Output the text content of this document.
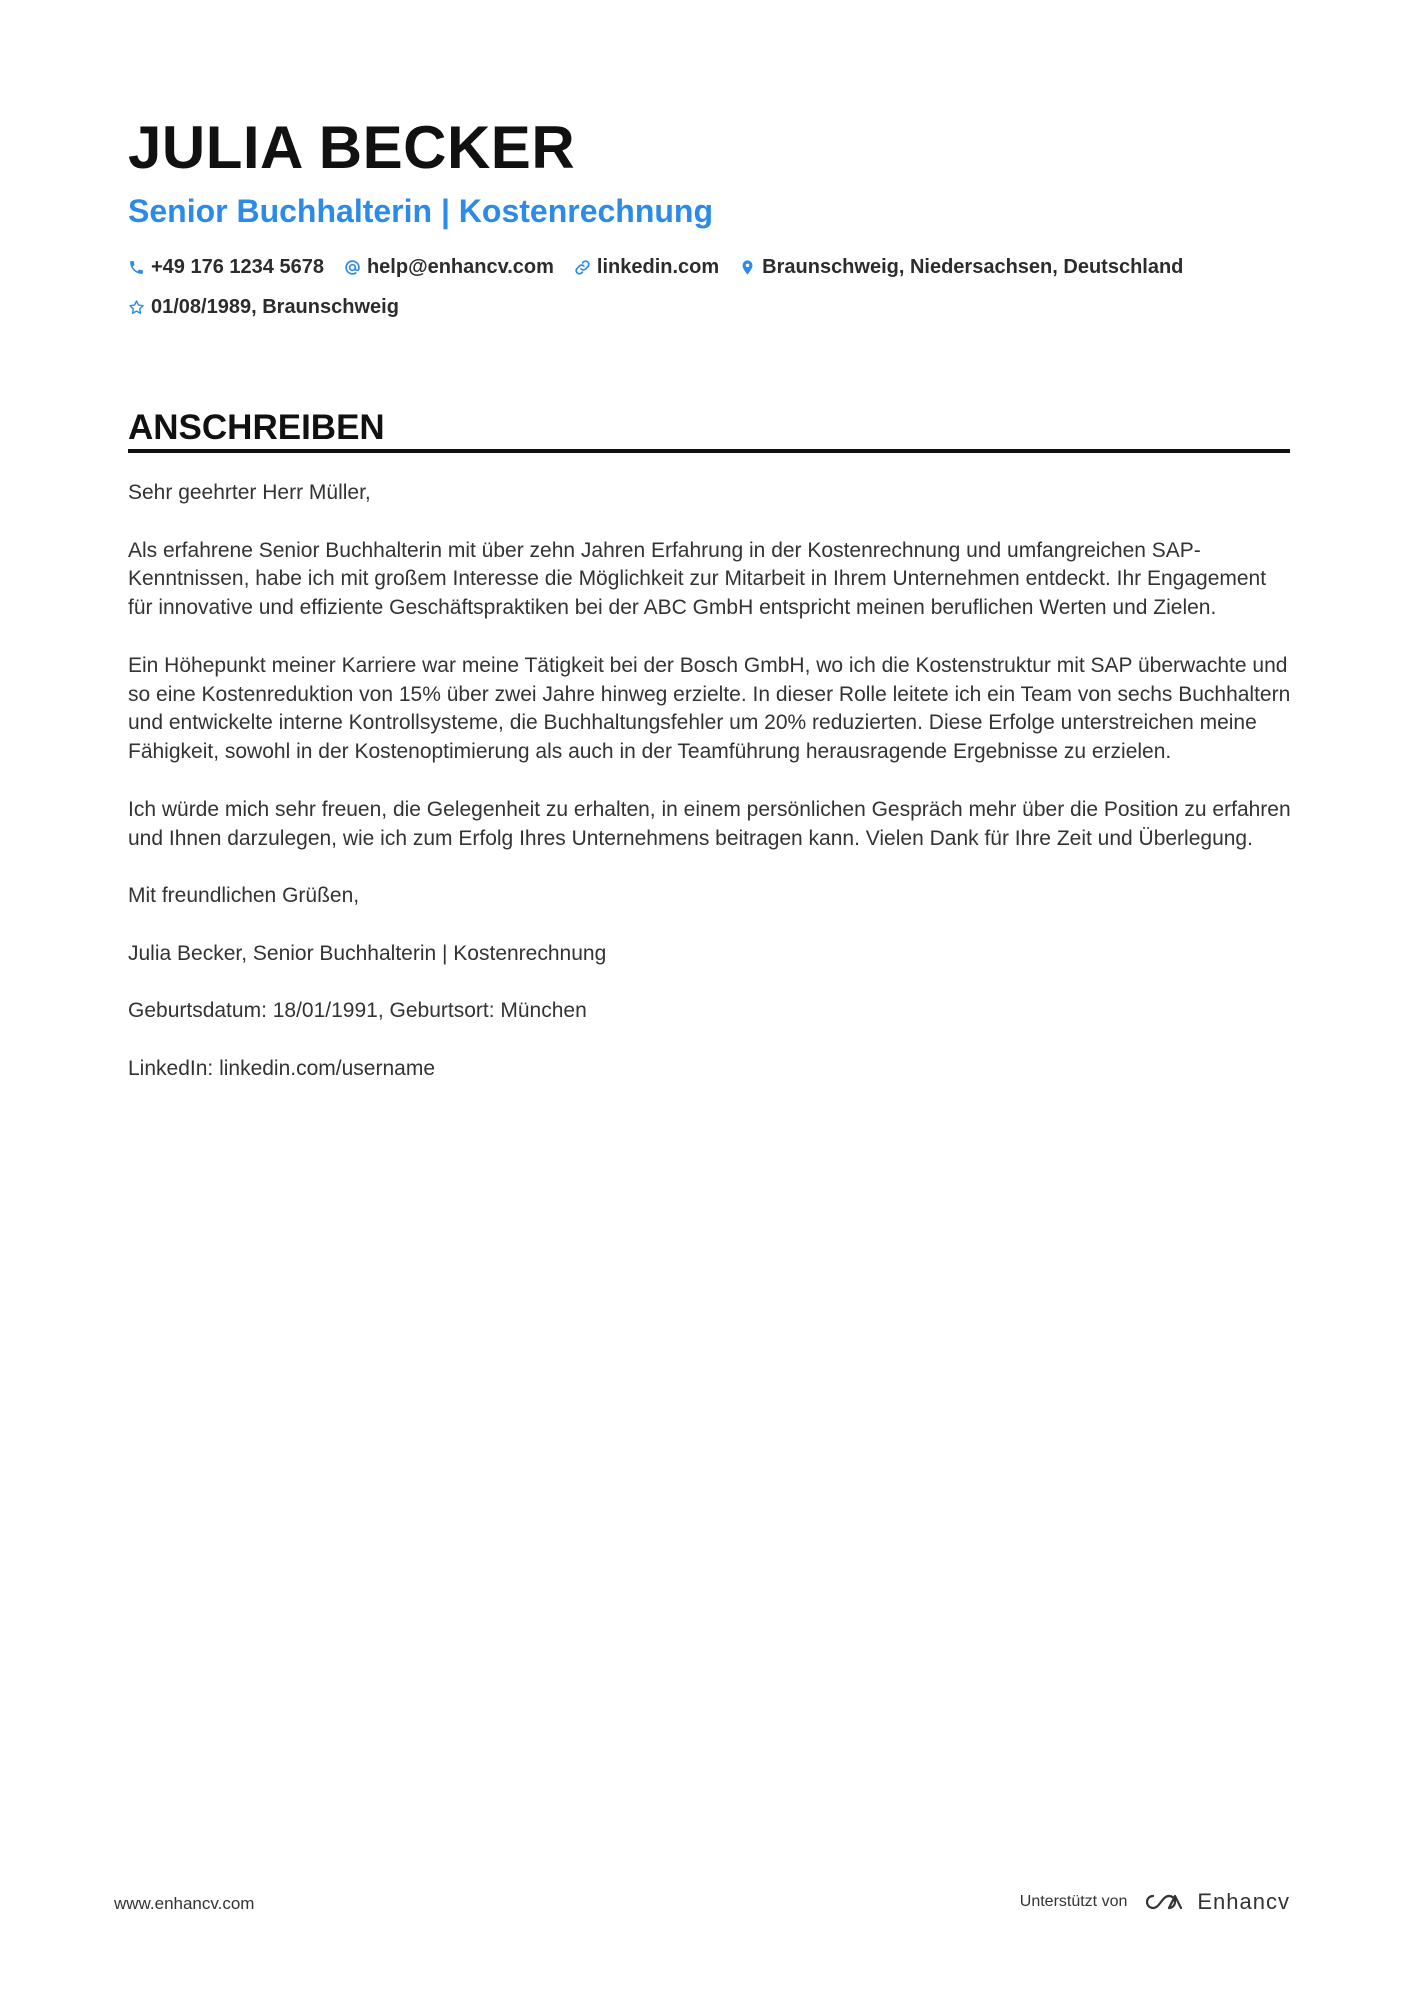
JULIA BECKER
Senior Buchhalterin | Kostenrechnung
+49 176 1234 5678 help@enhancv.com linkedin.com Braunschweig, Niedersachsen, Deutschland
01/08/1989, Braunschweig
ANSCHREIBEN

Sehr geehrter Herr Müller,

Als erfahrene Senior Buchhalterin mit über zehn Jahren Erfahrung in der Kostenrechnung und umfangreichen SAP-Kenntnissen, habe ich mit großem Interesse die Möglichkeit zur Mitarbeit in Ihrem Unternehmen entdeckt. Ihr Engagement für innovative und effiziente Geschäftspraktiken bei der ABC GmbH entspricht meinen beruflichen Werten und Zielen.

Ein Höhepunkt meiner Karriere war meine Tätigkeit bei der Bosch GmbH, wo ich die Kostenstruktur mit SAP überwachte und so eine Kostenreduktion von 15% über zwei Jahre hinweg erzielte. In dieser Rolle leitete ich ein Team von sechs Buchhaltern und entwickelte interne Kontrollsysteme, die Buchhaltungsfehler um 20% reduzierten. Diese Erfolge unterstreichen meine Fähigkeit, sowohl in der Kostenoptimierung als auch in der Teamführung herausragende Ergebnisse zu erzielen.

Ich würde mich sehr freuen, die Gelegenheit zu erhalten, in einem persönlichen Gespräch mehr über die Position zu erfahren und Ihnen darzulegen, wie ich zum Erfolg Ihres Unternehmens beitragen kann. Vielen Dank für Ihre Zeit und Überlegung.

Mit freundlichen Grüßen,

Julia Becker, Senior Buchhalterin | Kostenrechnung

Geburtsdatum: 18/01/1991, Geburtsort: München

LinkedIn: linkedin.com/username

www.enhancv.com	Unterstützt von	Enhancv
